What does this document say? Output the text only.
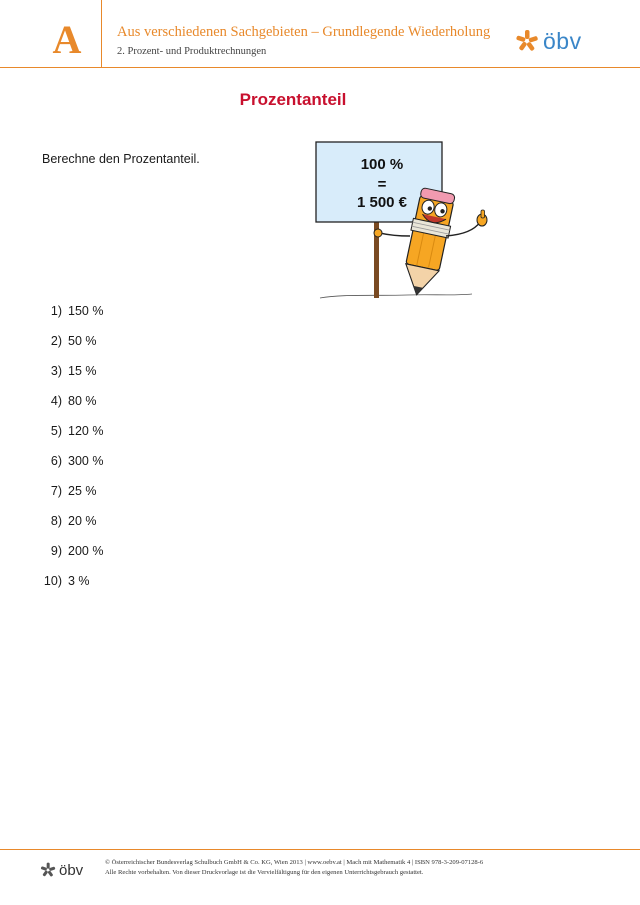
A Aus verschiedenen Sachgebieten – Grundlegende Wiederholung
2. Prozent- und Produktrechnungen	öbv
Prozentanteil
Berechne den Prozentanteil.	100 %
=
1 500 €
1) 150 %
2) 50 %
3) 15 %
4) 80 %
5) 120 %
6) 300 %
7) 25 %
8) 20 %
9) 200 %
10) 3 %
öbv	© Österreichischer Bundesverlag Schulbuch GmbH & Co. KG, Wien 2013 | www.oebv.at | Mach mit Mathematik 4 | ISBN 978-3-209-07128-6
Alle Rechte vorbehalten. Von dieser Druckvorlage ist die Vervielfältigung für den eigenen Unterrichtsgebrauch gestattet.
